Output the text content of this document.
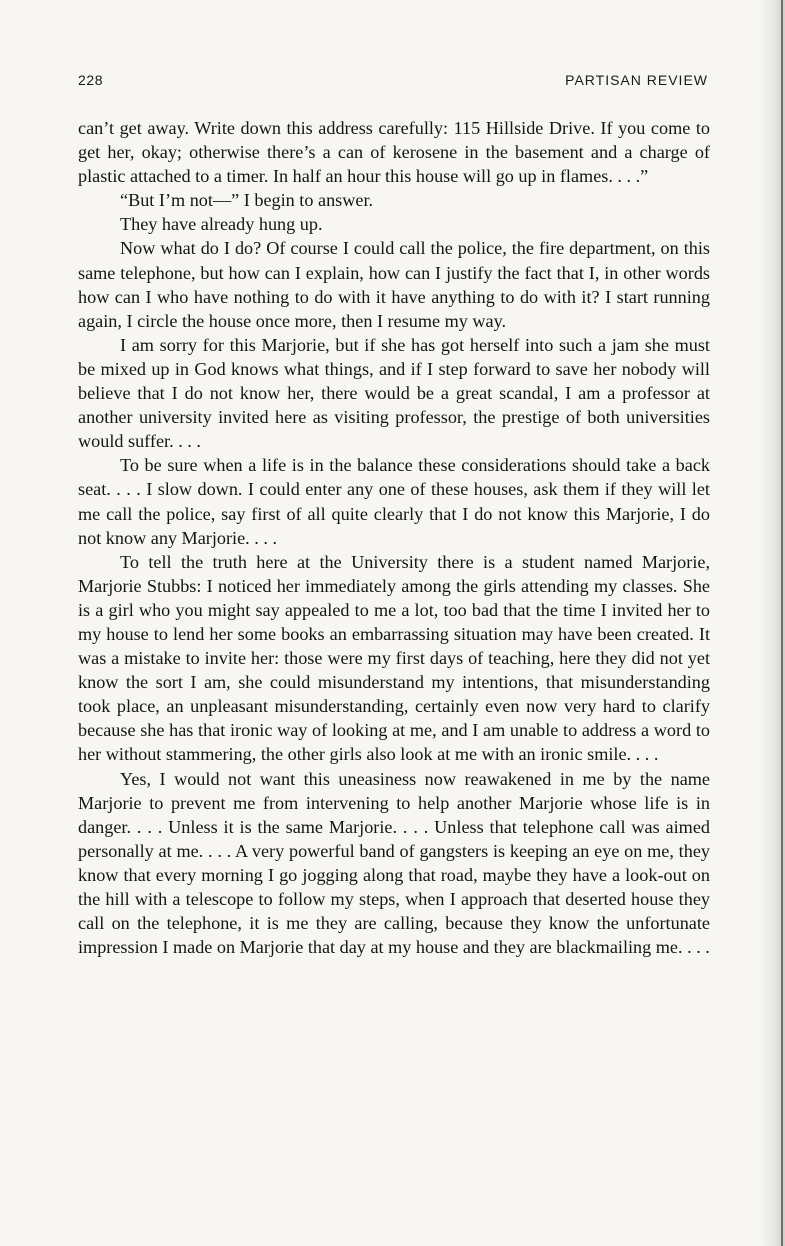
228	PARTISAN REVIEW

can’t get away. Write down this address carefully: 115 Hillside Drive. If you come to get her, okay; otherwise there’s a can of kerosene in the basement and a charge of plastic attached to a timer. In half an hour this house will go up in flames. . . .”

“But I’m not—” I begin to answer.

They have already hung up.

Now what do I do? Of course I could call the police, the fire department, on this same telephone, but how can I explain, how can I justify the fact that I, in other words how can I who have nothing to do with it have anything to do with it? I start running again, I circle the house once more, then I resume my way.

I am sorry for this Marjorie, but if she has got herself into such a jam she must be mixed up in God knows what things, and if I step forward to save her nobody will believe that I do not know her, there would be a great scandal, I am a professor at another university invited here as visiting professor, the prestige of both universities would suffer. . . .

To be sure when a life is in the balance these considerations should take a back seat. . . . I slow down. I could enter any one of these houses, ask them if they will let me call the police, say first of all quite clearly that I do not know this Marjorie, I do not know any Marjorie. . . .

To tell the truth here at the University there is a student named Marjorie, Marjorie Stubbs: I noticed her immediately among the girls attending my classes. She is a girl who you might say appealed to me a lot, too bad that the time I invited her to my house to lend her some books an embarrassing situation may have been created. It was a mistake to invite her: those were my first days of teaching, here they did not yet know the sort I am, she could misunderstand my intentions, that misunderstanding took place, an unpleasant misunderstanding, certainly even now very hard to clarify because she has that ironic way of looking at me, and I am unable to address a word to her without stammering, the other girls also look at me with an ironic smile. . . .

Yes, I would not want this uneasiness now reawakened in me by the name Marjorie to prevent me from intervening to help another Marjorie whose life is in danger. . . . Unless it is the same Marjorie. . . . Unless that telephone call was aimed personally at me. . . . A very powerful band of gangsters is keeping an eye on me, they know that every morning I go jogging along that road, maybe they have a look-out on the hill with a telescope to follow my steps, when I approach that deserted house they call on the telephone, it is me they are calling, because they know the unfortunate impression I made on Marjorie that day at my house and they are blackmailing me. . . .
